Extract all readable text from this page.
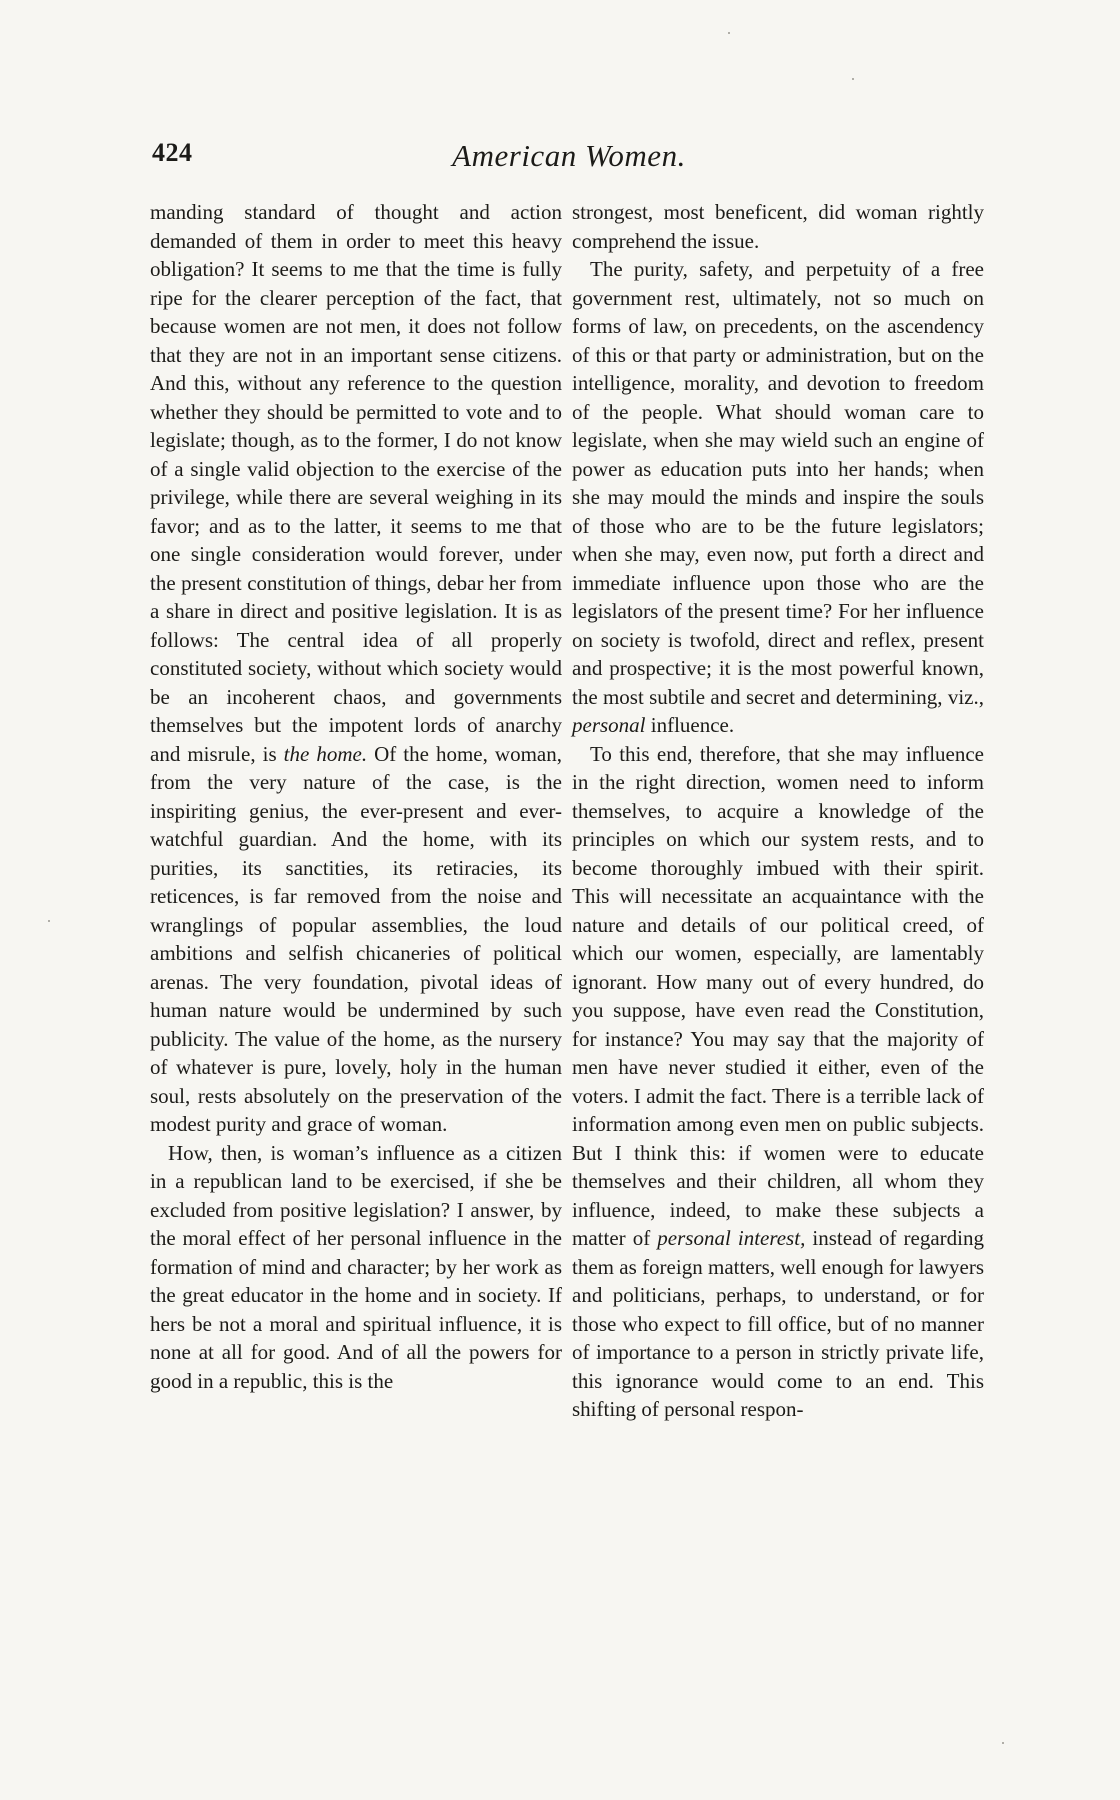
424	American Women.

manding standard of thought and action demanded of them in order to meet this heavy obligation? It seems to me that the time is fully ripe for the clearer perception of the fact, that because women are not men, it does not follow that they are not in an important sense citizens. And this, without any reference to the question whether they should be permitted to vote and to legislate; though, as to the former, I do not know of a single valid objection to the exercise of the privilege, while there are several weighing in its favor; and as to the latter, it seems to me that one single consideration would forever, under the present constitution of things, debar her from a share in direct and positive legislation. It is as follows: The central idea of all properly constituted society, without which society would be an incoherent chaos, and governments themselves but the impotent lords of anarchy and misrule, is the home. Of the home, woman, from the very nature of the case, is the inspiriting genius, the ever-present and ever-watchful guardian. And the home, with its purities, its sanctities, its retiracies, its reticences, is far removed from the noise and wranglings of popular assemblies, the loud ambitions and selfish chicaneries of political arenas. The very foundation, pivotal ideas of human nature would be undermined by such publicity. The value of the home, as the nursery of whatever is pure, lovely, holy in the human soul, rests absolutely on the preservation of the modest purity and grace of woman.

How, then, is woman’s influence as a citizen in a republican land to be exercised, if she be excluded from positive legislation? I answer, by the moral effect of her personal influence in the formation of mind and character; by her work as the great educator in the home and in society. If hers be not a moral and spiritual influence, it is none at all for good. And of all the powers for good in a republic, this is the

strongest, most beneficent, did woman rightly comprehend the issue.

The purity, safety, and perpetuity of a free government rest, ultimately, not so much on forms of law, on precedents, on the ascendency of this or that party or administration, but on the intelligence, morality, and devotion to freedom of the people. What should woman care to legislate, when she may wield such an engine of power as education puts into her hands; when she may mould the minds and inspire the souls of those who are to be the future legislators; when she may, even now, put forth a direct and immediate influence upon those who are the legislators of the present time? For her influence on society is twofold, direct and reflex, present and prospective; it is the most powerful known, the most subtile and secret and determining, viz., personal influence.

To this end, therefore, that she may influence in the right direction, women need to inform themselves, to acquire a knowledge of the principles on which our system rests, and to become thoroughly imbued with their spirit. This will necessitate an acquaintance with the nature and details of our political creed, of which our women, especially, are lamentably ignorant. How many out of every hundred, do you suppose, have even read the Constitution, for instance? You may say that the majority of men have never studied it either, even of the voters. I admit the fact. There is a terrible lack of information among even men on public subjects. But I think this: if women were to educate themselves and their children, all whom they influence, indeed, to make these subjects a matter of personal interest, instead of regarding them as foreign matters, well enough for lawyers and politicians, perhaps, to understand, or for those who expect to fill office, but of no manner of importance to a person in strictly private life, this ignorance would come to an end. This shifting of personal respon-
